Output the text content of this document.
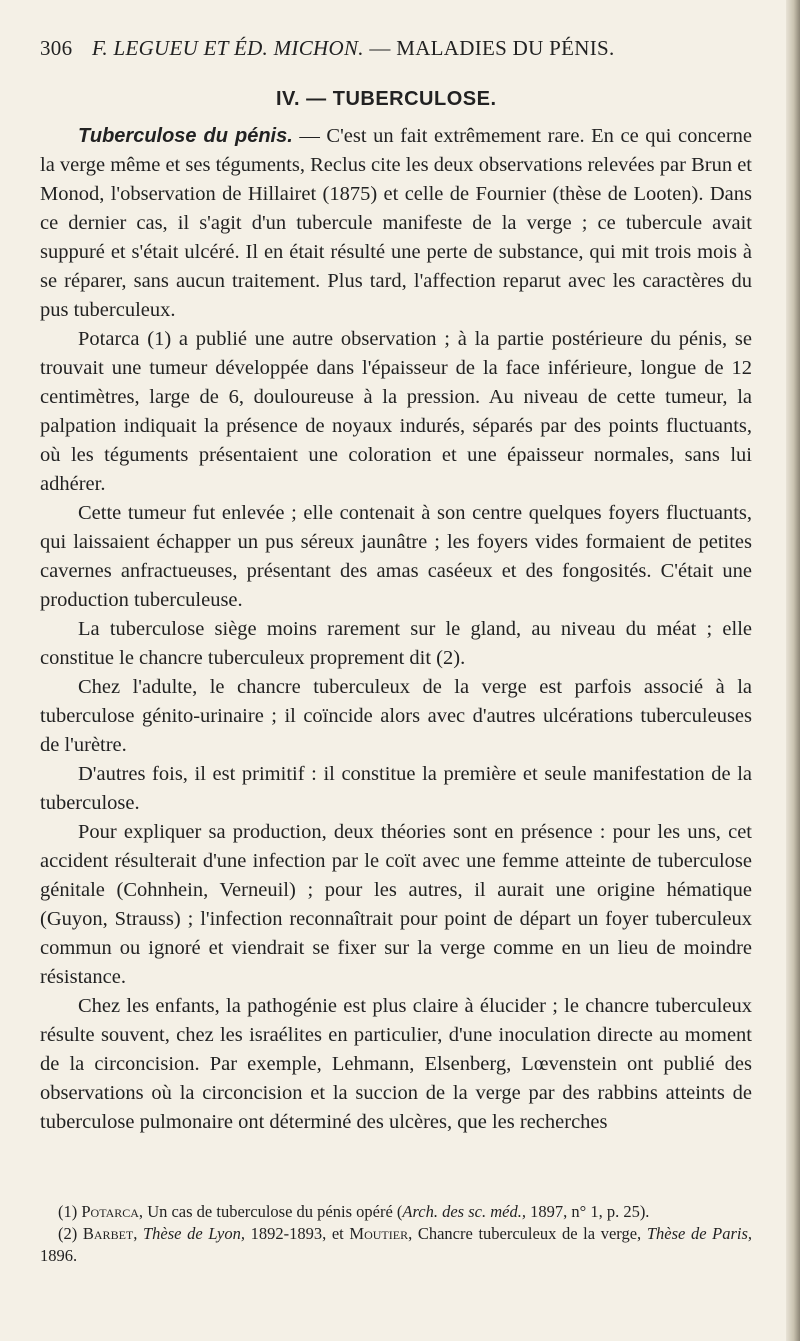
306 F. LEGUEU ET ÉD. MICHON. — MALADIES DU PÉNIS.
IV. — TUBERCULOSE.

Tuberculose du pénis. — C'est un fait extrêmement rare. En ce qui concerne la verge même et ses téguments, Reclus cite les deux observations relevées par Brun et Monod, l'observation de Hillairet (1875) et celle de Fournier (thèse de Looten). Dans ce dernier cas, il s'agit d'un tubercule manifeste de la verge ; ce tubercule avait suppuré et s'était ulcéré. Il en était résulté une perte de substance, qui mit trois mois à se réparer, sans aucun traitement. Plus tard, l'affection reparut avec les caractères du pus tuberculeux.

Potarca (1) a publié une autre observation ; à la partie postérieure du pénis, se trouvait une tumeur développée dans l'épaisseur de la face inférieure, longue de 12 centimètres, large de 6, douloureuse à la pression. Au niveau de cette tumeur, la palpation indiquait la présence de noyaux indurés, séparés par des points fluctuants, où les téguments présentaient une coloration et une épaisseur normales, sans lui adhérer.

Cette tumeur fut enlevée ; elle contenait à son centre quelques foyers fluctuants, qui laissaient échapper un pus séreux jaunâtre ; les foyers vides formaient de petites cavernes anfractueuses, présentant des amas caséeux et des fongosités. C'était une production tuberculeuse.

La tuberculose siège moins rarement sur le gland, au niveau du méat ; elle constitue le chancre tuberculeux proprement dit (2).

Chez l'adulte, le chancre tuberculeux de la verge est parfois associé à la tuberculose génito-urinaire ; il coïncide alors avec d'autres ulcérations tuberculeuses de l'urètre.

D'autres fois, il est primitif : il constitue la première et seule manifestation de la tuberculose.

Pour expliquer sa production, deux théories sont en présence : pour les uns, cet accident résulterait d'une infection par le coït avec une femme atteinte de tuberculose génitale (Cohnhein, Verneuil) ; pour les autres, il aurait une origine hématique (Guyon, Strauss) ; l'infection reconnaîtrait pour point de départ un foyer tuberculeux commun ou ignoré et viendrait se fixer sur la verge comme en un lieu de moindre résistance.

Chez les enfants, la pathogénie est plus claire à élucider ; le chancre tuberculeux résulte souvent, chez les israélites en particulier, d'une inoculation directe au moment de la circoncision. Par exemple, Lehmann, Elsenberg, Lœvenstein ont publié des observations où la circoncision et la succion de la verge par des rabbins atteints de tuberculose pulmonaire ont déterminé des ulcères, que les recherches

(1) Potarca, Un cas de tuberculose du pénis opéré (Arch. des sc. méd., 1897, n° 1, p. 25).

(2) Barbet, Thèse de Lyon, 1892-1893, et Moutier, Chancre tuberculeux de la verge, Thèse de Paris, 1896.
